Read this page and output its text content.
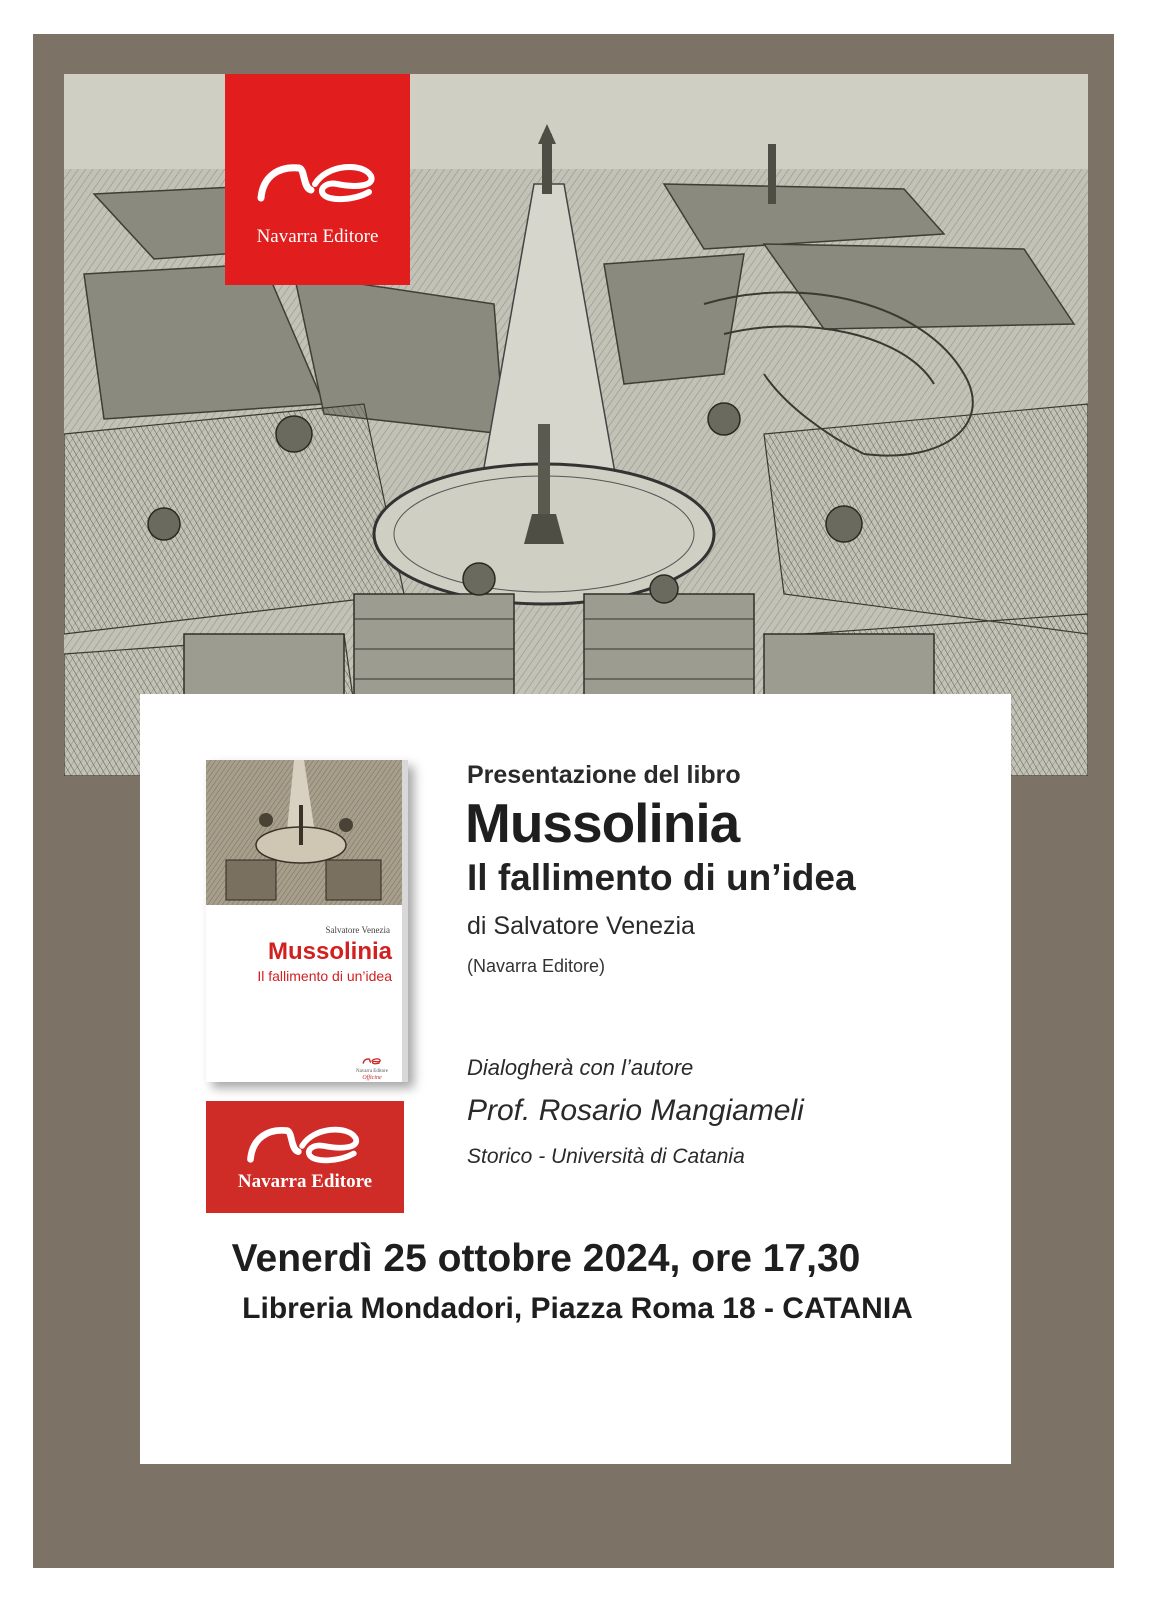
Navarra Editore
Salvatore Venezia
Mussolinia
Il fallimento di un’idea
Navarra Editore
Officine
Navarra Editore
Presentazione del libro
Mussolinia
Il fallimento di un’idea
di Salvatore Venezia
(Navarra Editore)
Dialogherà con l’autore
Prof. Rosario Mangiameli
Storico - Università di Catania
Venerdì 25 ottobre 2024, ore 17,30
Libreria Mondadori, Piazza Roma 18 - CATANIA
